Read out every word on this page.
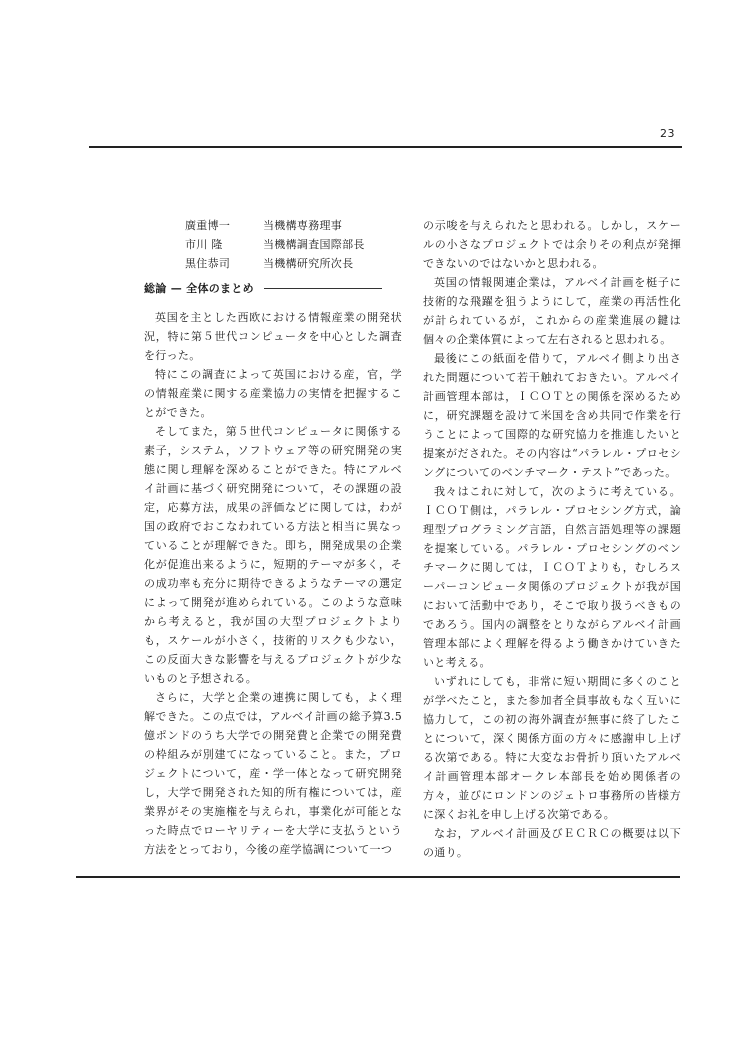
23
廣重博一	当機構専務理事
市川 隆	当機構調査国際部長
黒住恭司	当機構研究所次長
総論 — 全体のまとめ

英国を主とした西欧における情報産業の開発状況，特に第５世代コンピュータを中心とした調査を行った。

特にこの調査によって英国における産，官，学の情報産業に関する産業協力の実情を把握することができた。

そしてまた，第５世代コンピュータに関係する素子，システム，ソフトウェア等の研究開発の実態に関し理解を深めることができた。特にアルベイ計画に基づく研究開発について，その課題の設定，応募方法，成果の評価などに関しては，わが国の政府でおこなわれている方法と相当に異なっていることが理解できた。即ち，開発成果の企業化が促進出来るように，短期的テーマが多く，その成功率も充分に期待できるようなテーマの選定によって開発が進められている。このような意味から考えると，我が国の大型プロジェクトよりも，スケールが小さく，技術的リスクも少ない，この反面大きな影響を与えるプロジェクトが少ないものと予想される。

さらに，大学と企業の連携に関しても，よく理解できた。この点では，アルベイ計画の総予算3.5億ポンドのうち大学での開発費と企業での開発費の枠組みが別建てになっていること。また，プロジェクトについて，産・学一体となって研究開発し，大学で開発された知的所有権については，産業界がその実施権を与えられ，事業化が可能となった時点でローヤリティーを大学に支払うという方法をとっており，今後の産学協調について一つ

の示唆を与えられたと思われる。しかし，スケールの小さなプロジェクトでは余りその利点が発揮できないのではないかと思われる。

英国の情報関連企業は，アルベイ計画を梃子に技術的な飛躍を狙うようにして，産業の再活性化が計られているが，これからの産業進展の鍵は個々の企業体質によって左右されると思われる。

最後にこの紙面を借りて，アルベイ側より出された問題について若干触れておきたい。アルベイ計画管理本部は，ＩＣＯＴとの関係を深めるために，研究課題を設けて米国を含め共同で作業を行うことによって国際的な研究協力を推進したいと提案がだされた。その内容は“パラレル・プロセシングについてのベンチマーク・テスト”であった。

我々はこれに対して，次のように考えている。ＩＣＯＴ側は，パラレル・プロセシング方式，論理型プログラミング言語，自然言語処理等の課題を提案している。パラレル・プロセシングのベンチマークに関しては，ＩＣＯＴよりも，むしろスーパーコンピュータ関係のプロジェクトが我が国において活動中であり，そこで取り扱うべきものであろう。国内の調整をとりながらアルベイ計画管理本部によく理解を得るよう働きかけていきたいと考える。

いずれにしても，非常に短い期間に多くのことが学べたこと，また参加者全員事故もなく互いに協力して，この初の海外調査が無事に終了したことについて，深く関係方面の方々に感謝申し上げる次第である。特に大変なお骨折り頂いたアルベイ計画管理本部オークレ本部長を始め関係者の方々，並びにロンドンのジェトロ事務所の皆様方に深くお礼を申し上げる次第である。

なお，アルベイ計画及びＥＣＲＣの概要は以下の通り。
